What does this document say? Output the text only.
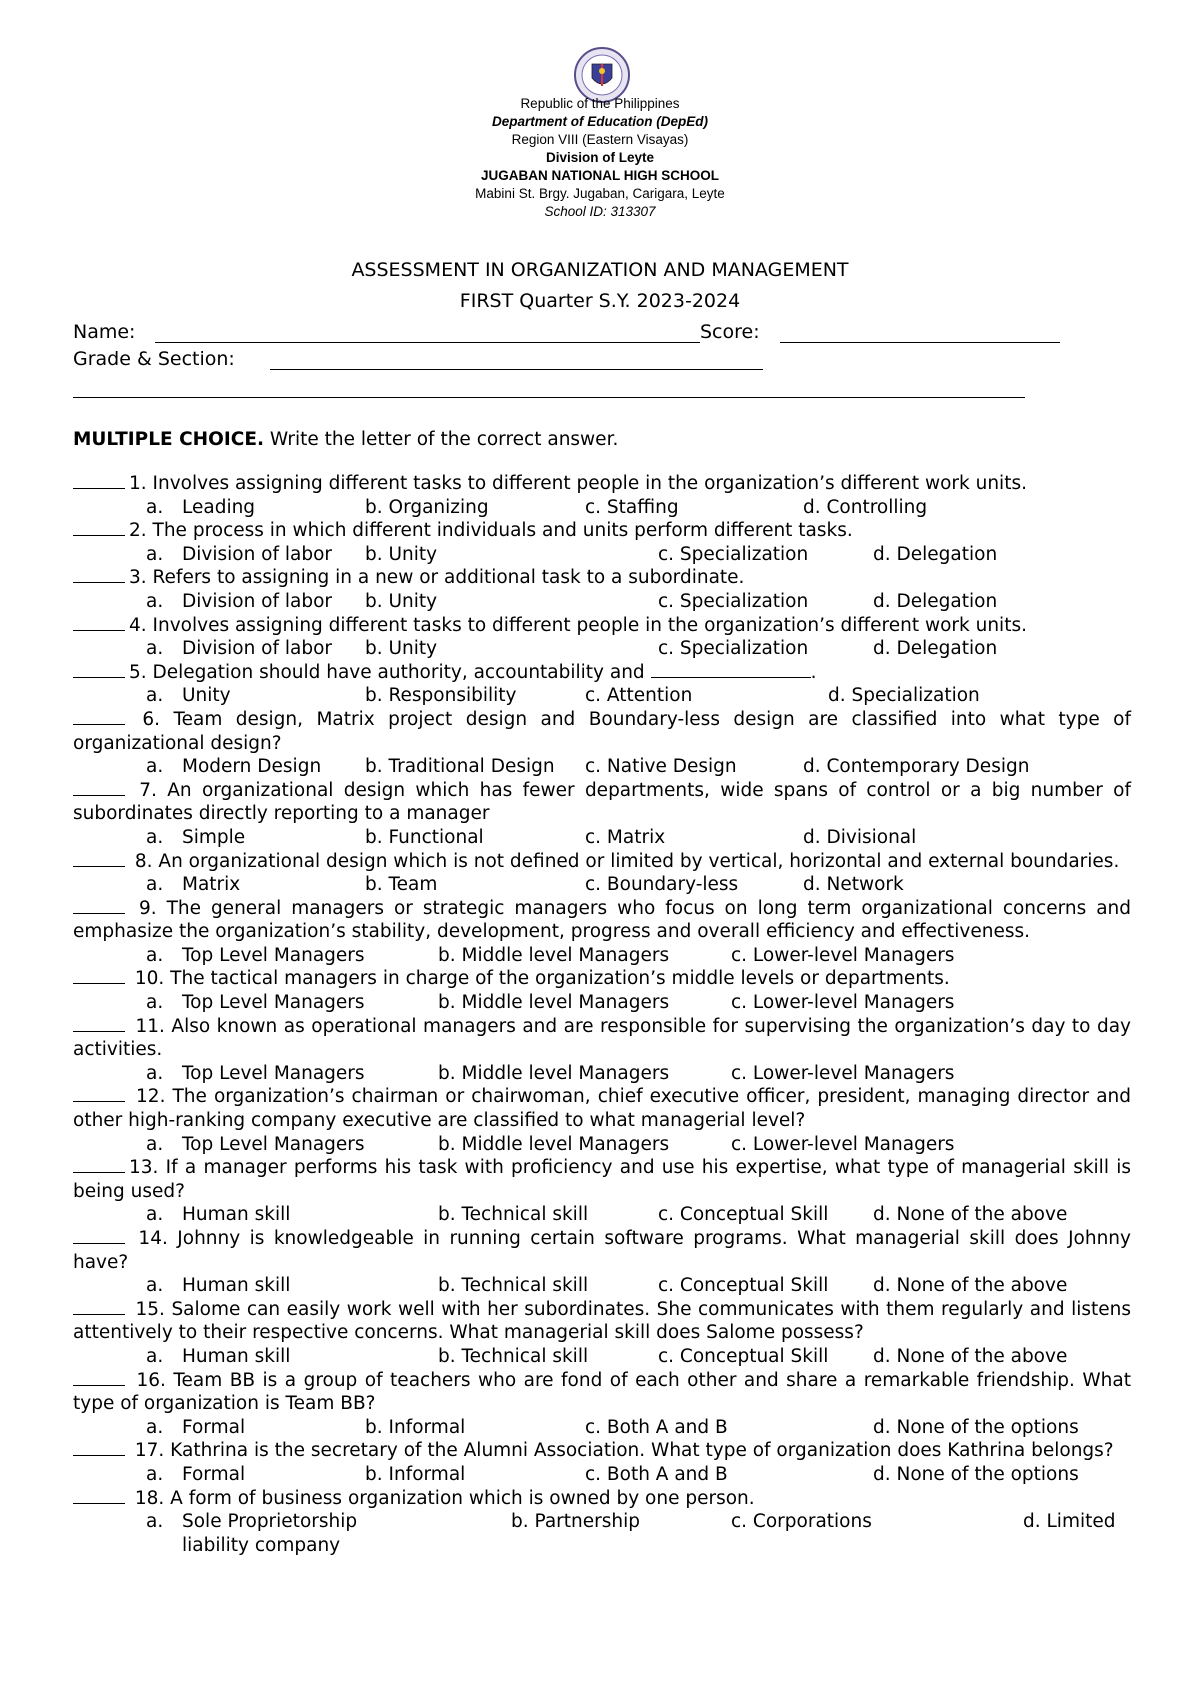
Republic of the Philippines
Department of Education (DepEd)
Region VIII (Eastern Visayas)
Division of Leyte
JUGABAN NATIONAL HIGH SCHOOL
Mabini St. Brgy. Jugaban, Carigara, Leyte
School ID: 313307
ASSESSMENT IN ORGANIZATION AND MANAGEMENT
FIRST Quarter S.Y. 2023-2024
Name:	Score:
Grade & Section:
MULTIPLE CHOICE. Write the letter of the correct answer.
1. Involves assigning different tasks to different people in the organization’s different work units.
a. Leading	b. Organizing	c. Staffing	d. Controlling
2. The process in which different individuals and units perform different tasks.
a. Division of labor b. Unity	c. Specialization	d. Delegation
3. Refers to assigning in a new or additional task to a subordinate.
a. Division of labor b. Unity	c. Specialization	d. Delegation
4. Involves assigning different tasks to different people in the organization’s different work units.
a. Division of labor b. Unity	c. Specialization	d. Delegation
5. Delegation should have authority, accountability and	.
a. Unity	b. Responsibility	c. Attention	d. Specialization
6. Team design, Matrix project design and Boundary-less design are classified into what type of organizational design?
a. Modern Design b. Traditional Design c. Native Design	d. Contemporary Design
7. An organizational design which has fewer departments, wide spans of control or a big number of subordinates directly reporting to a manager
a. Simple	b. Functional	c. Matrix	d. Divisional
8. An organizational design which is not defined or limited by vertical, horizontal and external boundaries.
a. Matrix	b. Team	c. Boundary-less	d. Network
9. The general managers or strategic managers who focus on long term organizational concerns and emphasize the organization’s stability, development, progress and overall efficiency and effectiveness.
a. Top Level Managers	b. Middle level Managers	c. Lower-level Managers
10. The tactical managers in charge of the organization’s middle levels or departments.
a. Top Level Managers	b. Middle level Managers	c. Lower-level Managers
11. Also known as operational managers and are responsible for supervising the organization’s day to day activities.
a. Top Level Managers	b. Middle level Managers	c. Lower-level Managers
12. The organization’s chairman or chairwoman, chief executive officer, president, managing director and other high-ranking company executive are classified to what managerial level?
a. Top Level Managers	b. Middle level Managers	c. Lower-level Managers
13. If a manager performs his task with proficiency and use his expertise, what type of managerial skill is being used?
a. Human skill	b. Technical skill	c. Conceptual Skill d. None of the above
14. Johnny is knowledgeable in running certain software programs. What managerial skill does Johnny have?
a. Human skill	b. Technical skill	c. Conceptual Skill d. None of the above
15. Salome can easily work well with her subordinates. She communicates with them regularly and listens attentively to their respective concerns. What managerial skill does Salome possess?
a. Human skill	b. Technical skill	c. Conceptual Skill d. None of the above
16. Team BB is a group of teachers who are fond of each other and share a remarkable friendship. What type of organization is Team BB?
a. Formal	b. Informal	c. Both A and B	d. None of the options
17. Kathrina is the secretary of the Alumni Association. What type of organization does Kathrina belongs?
a. Formal	b. Informal	c. Both A and B	d. None of the options
18. A form of business organization which is owned by one person.
a. Sole Proprietorship	b. Partnership	c. Corporations	d. Limited
liability company
